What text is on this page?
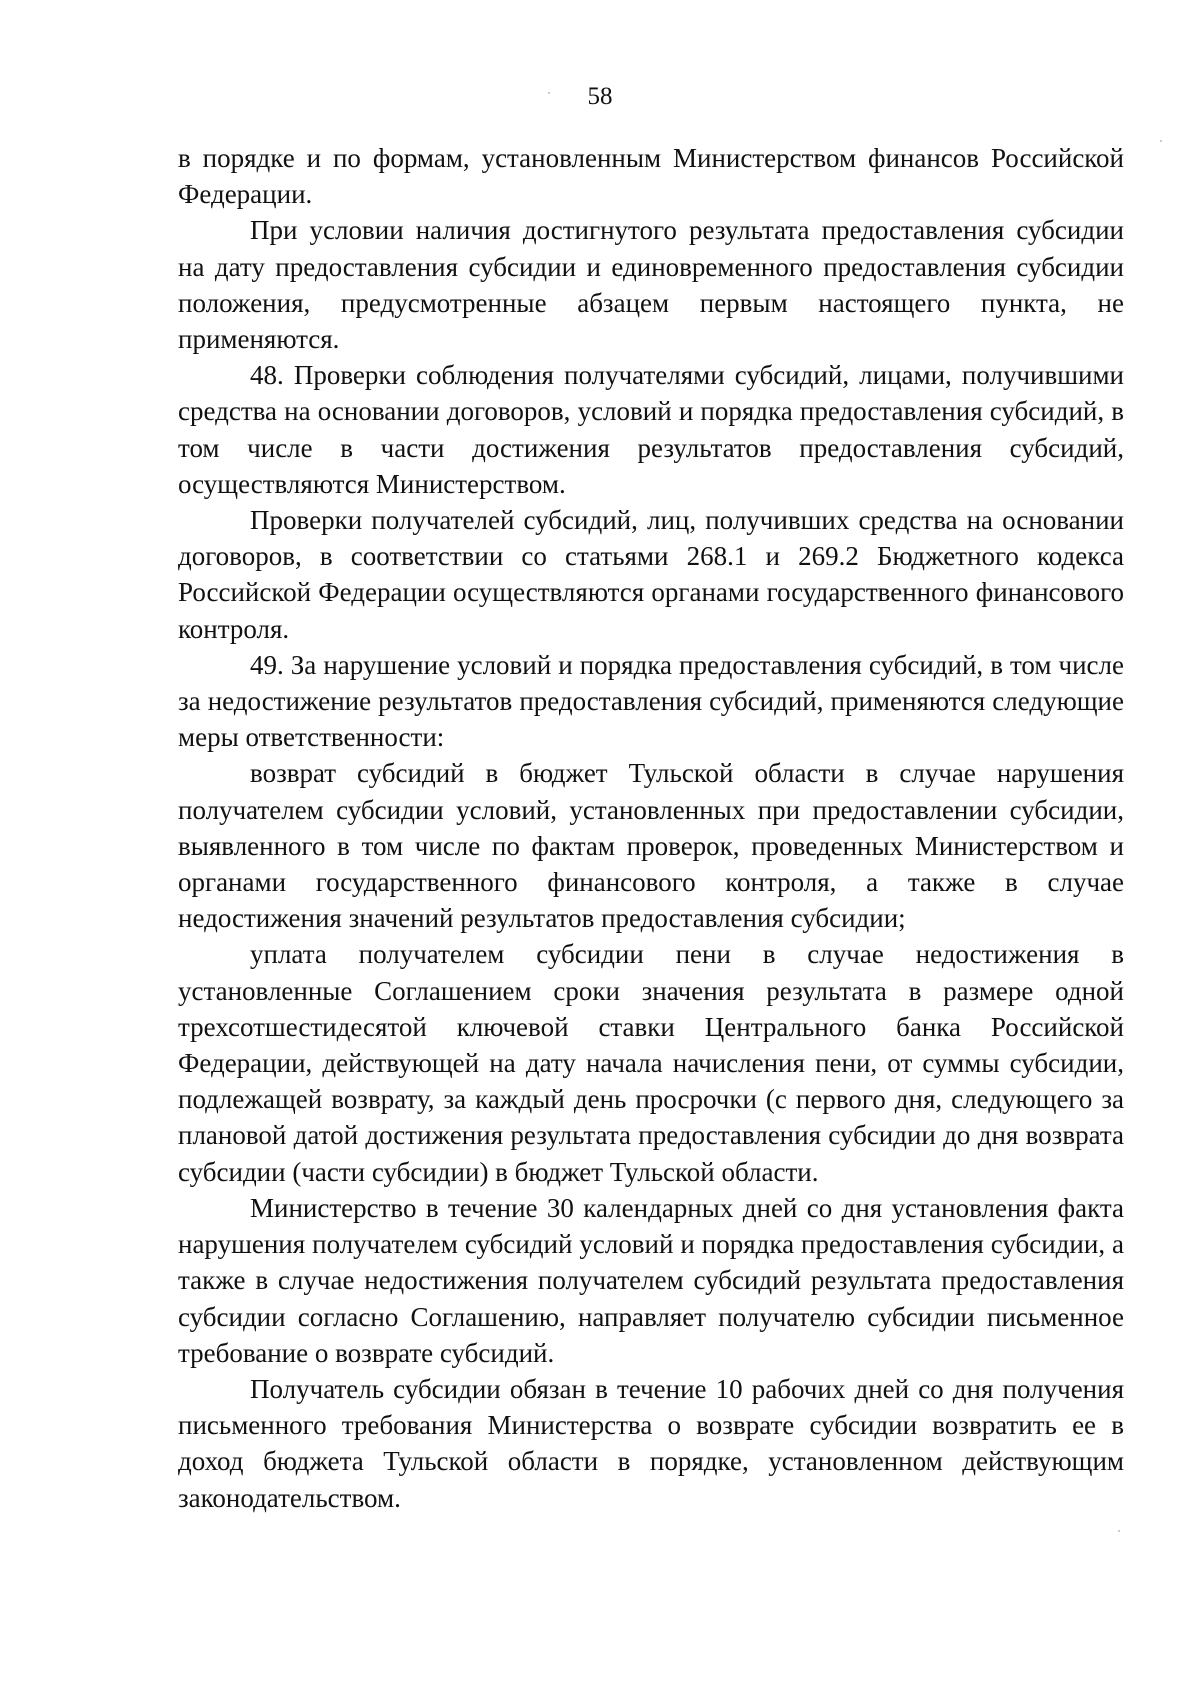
58

в порядке и по формам, установленным Министерством финансов Российской Федерации.

При условии наличия достигнутого результата предоставления субсидии на дату предоставления субсидии и единовременного предоставления субсидии положения, предусмотренные абзацем первым настоящего пункта, не применяются.

48. Проверки соблюдения получателями субсидий, лицами, получившими средства на основании договоров, условий и порядка предоставления субсидий, в том числе в части достижения результатов предоставления субсидий, осуществляются Министерством.

Проверки получателей субсидий, лиц, получивших средства на основании договоров, в соответствии со статьями 268.1 и 269.2 Бюджетного кодекса Российской Федерации осуществляются органами государственного финансового контроля.

49. За нарушение условий и порядка предоставления субсидий, в том числе за недостижение результатов предоставления субсидий, применяются следующие меры ответственности:

возврат субсидий в бюджет Тульской области в случае нарушения получателем субсидии условий, установленных при предоставлении субсидии, выявленного в том числе по фактам проверок, проведенных Министерством и органами государственного финансового контроля, а также в случае недостижения значений результатов предоставления субсидии;

уплата получателем субсидии пени в случае недостижения в установленные Соглашением сроки значения результата в размере одной трехсотшестидесятой ключевой ставки Центрального банка Российской Федерации, действующей на дату начала начисления пени, от суммы субсидии, подлежащей возврату, за каждый день просрочки (с первого дня, следующего за плановой датой достижения результата предоставления субсидии до дня возврата субсидии (части субсидии) в бюджет Тульской области.

Министерство в течение 30 календарных дней со дня установления факта нарушения получателем субсидий условий и порядка предоставления субсидии, а также в случае недостижения получателем субсидий результата предоставления субсидии согласно Соглашению, направляет получателю субсидии письменное требование о возврате субсидий.

Получатель субсидии обязан в течение 10 рабочих дней со дня получения письменного требования Министерства о возврате субсидии возвратить ее в доход бюджета Тульской области в порядке, установленном действующим законодательством.
